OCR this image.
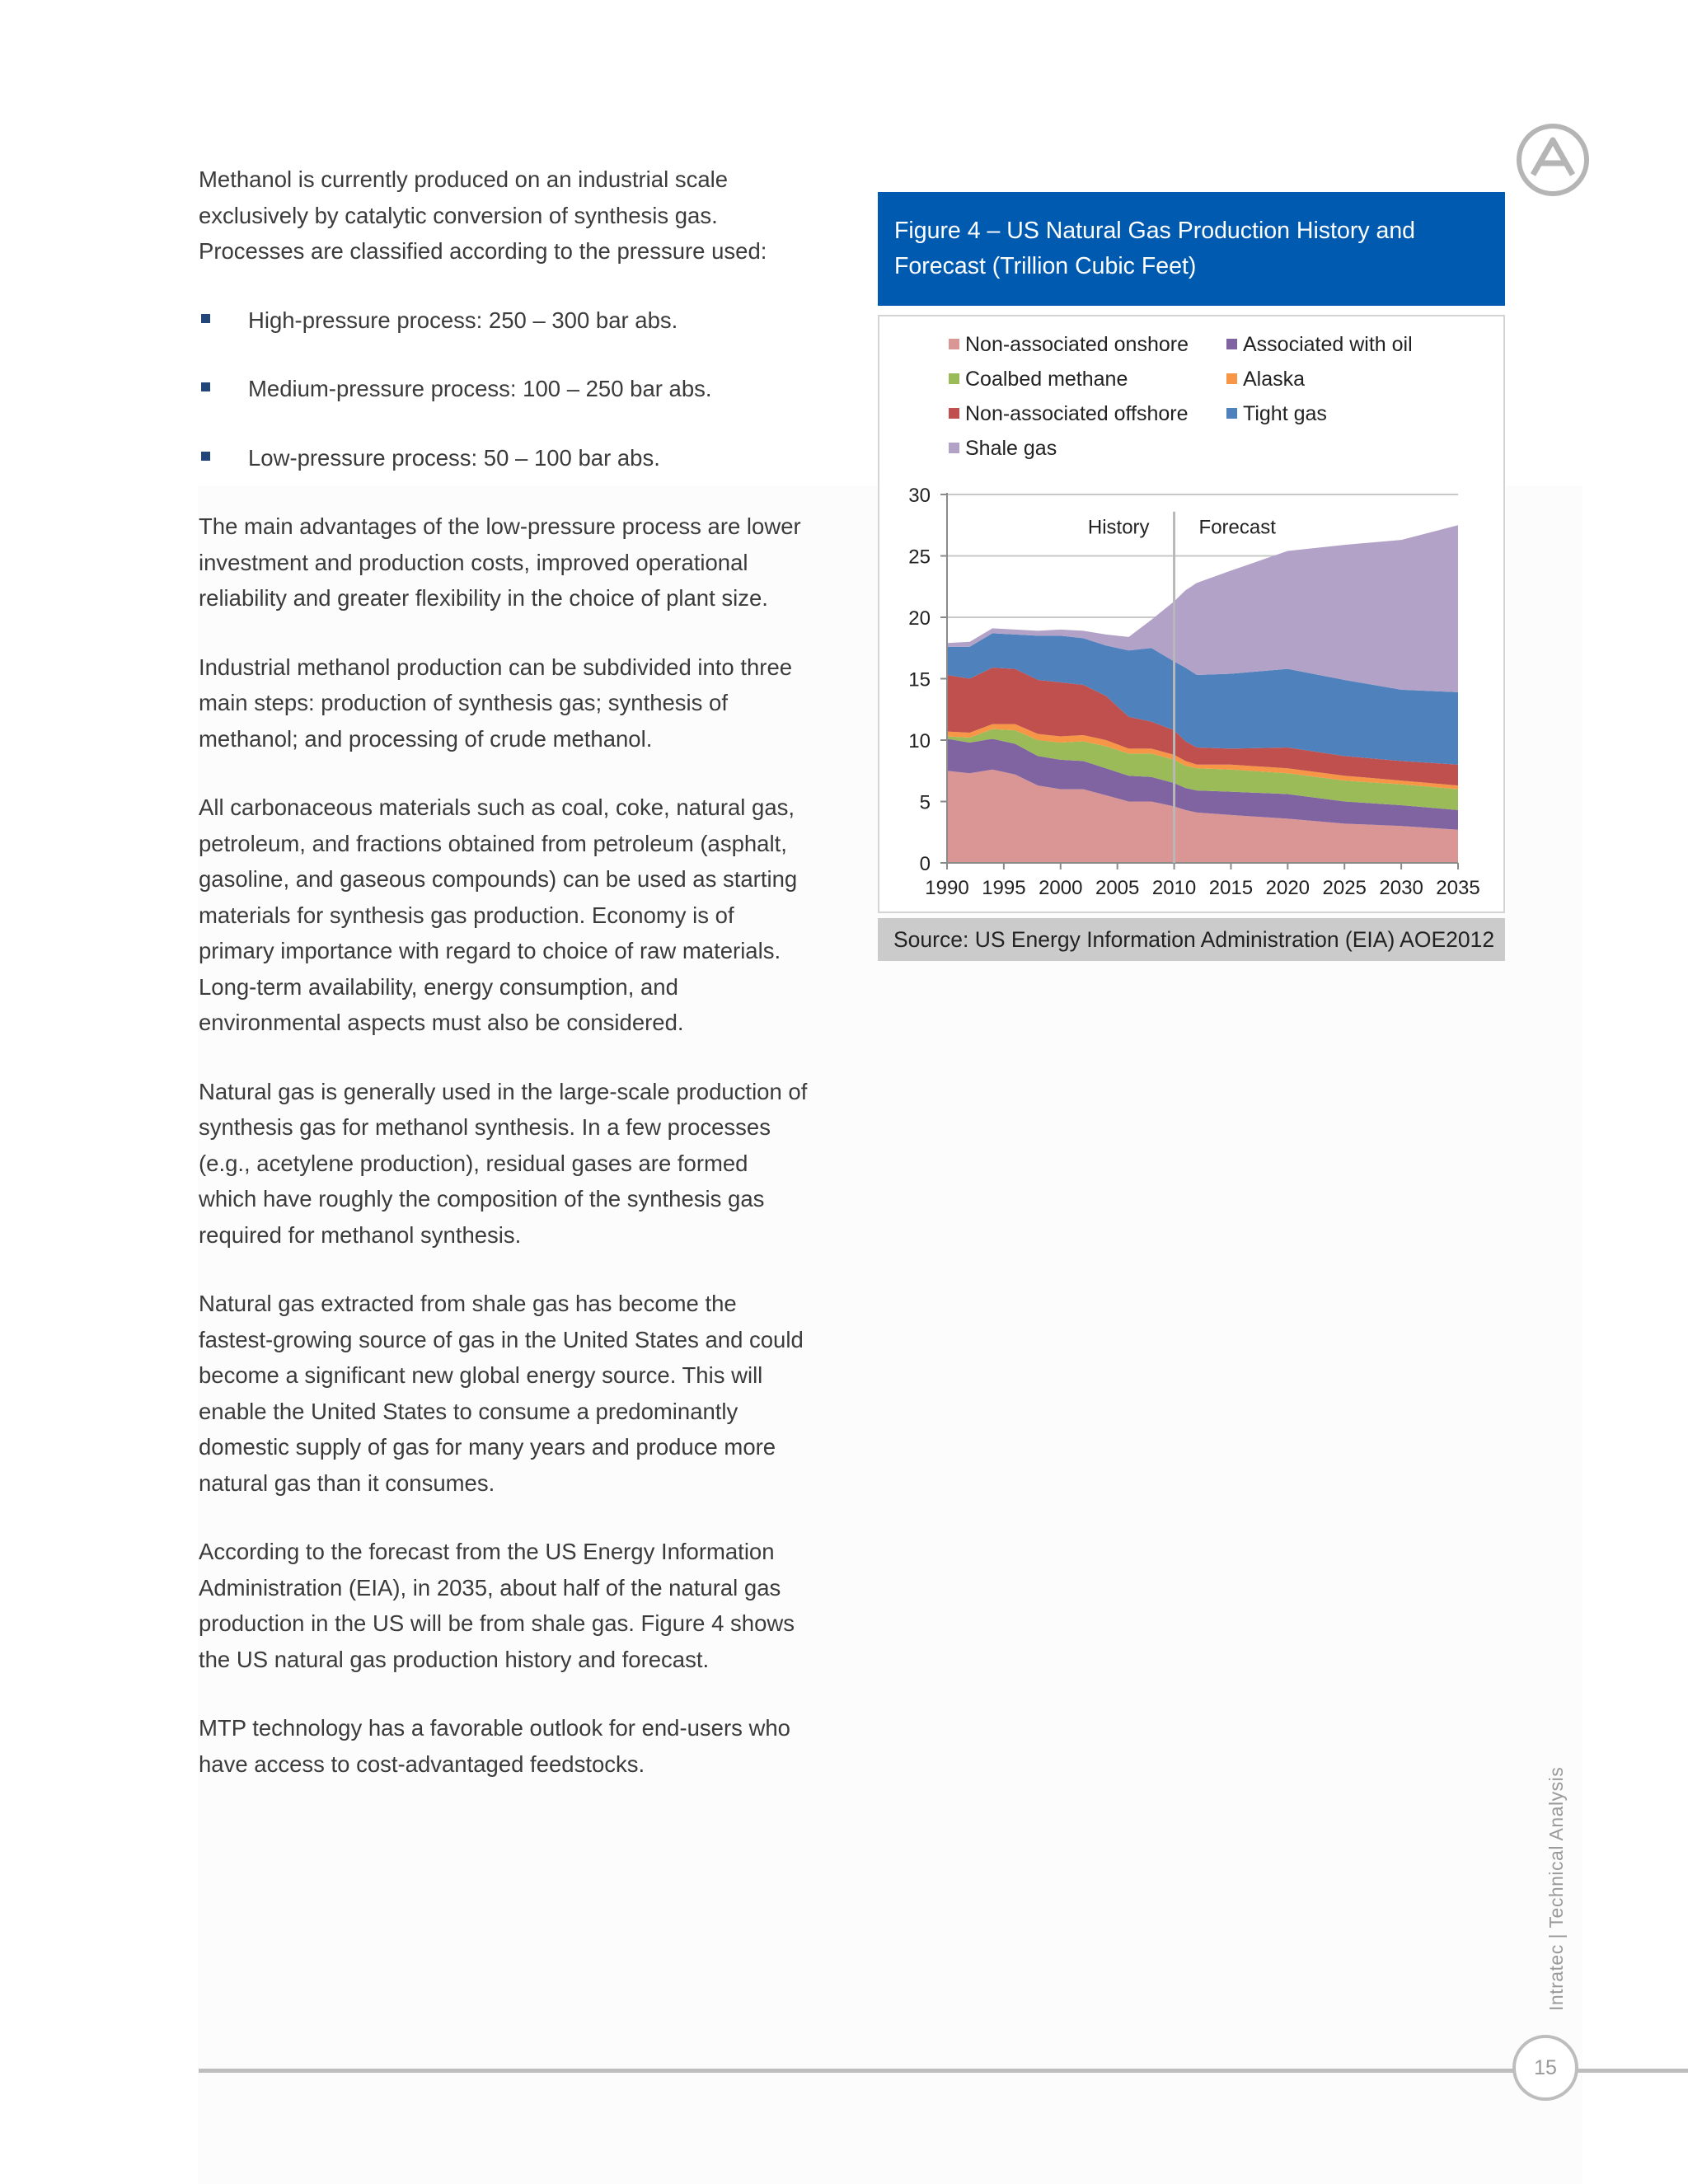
Methanol is currently produced on an industrial scale exclusively by catalytic conversion of synthesis gas. Processes are classified according to the pressure used:

High-pressure process: 250 – 300 bar abs.
Medium-pressure process: 100 – 250 bar abs.
Low-pressure process: 50 – 100 bar abs.

The main advantages of the low-pressure process are lower investment and production costs, improved operational reliability and greater flexibility in the choice of plant size.

Industrial methanol production can be subdivided into three main steps: production of synthesis gas; synthesis of methanol; and processing of crude methanol.

All carbonaceous materials such as coal, coke, natural gas, petroleum, and fractions obtained from petroleum (asphalt, gasoline, and gaseous compounds) can be used as starting materials for synthesis gas production. Economy is of primary importance with regard to choice of raw materials. Long-term availability, energy consumption, and environmental aspects must also be considered.

Natural gas is generally used in the large-scale production of synthesis gas for methanol synthesis. In a few processes (e.g., acetylene production), residual gases are formed which have roughly the composition of the synthesis gas required for methanol synthesis.

Natural gas extracted from shale gas has become the fastest-growing source of gas in the United States and could become a significant new global energy source. This will enable the United States to consume a predominantly domestic supply of gas for many years and produce more natural gas than it consumes.

According to the forecast from the US Energy Information Administration (EIA), in 2035, about half of the natural gas production in the US will be from shale gas. Figure 4 shows the US natural gas production history and forecast.

MTP technology has a favorable outlook for end-users who have access to cost-advantaged feedstocks.

Figure 4 – US Natural Gas Production History and
Forecast (Trillion Cubic Feet)
0
5
10
15
20
25
30
1990 1995 2000 2005 2010 2015 2020 2025 2030 2035
History	Forecast
Non-associated onshore	Associated with oil
Coalbed methane	Alaska
Non-associated offshore	Tight gas
Shale gas
Source: US Energy Information Administration (EIA) AOE2012
Intratec | Technical Analysis
15
